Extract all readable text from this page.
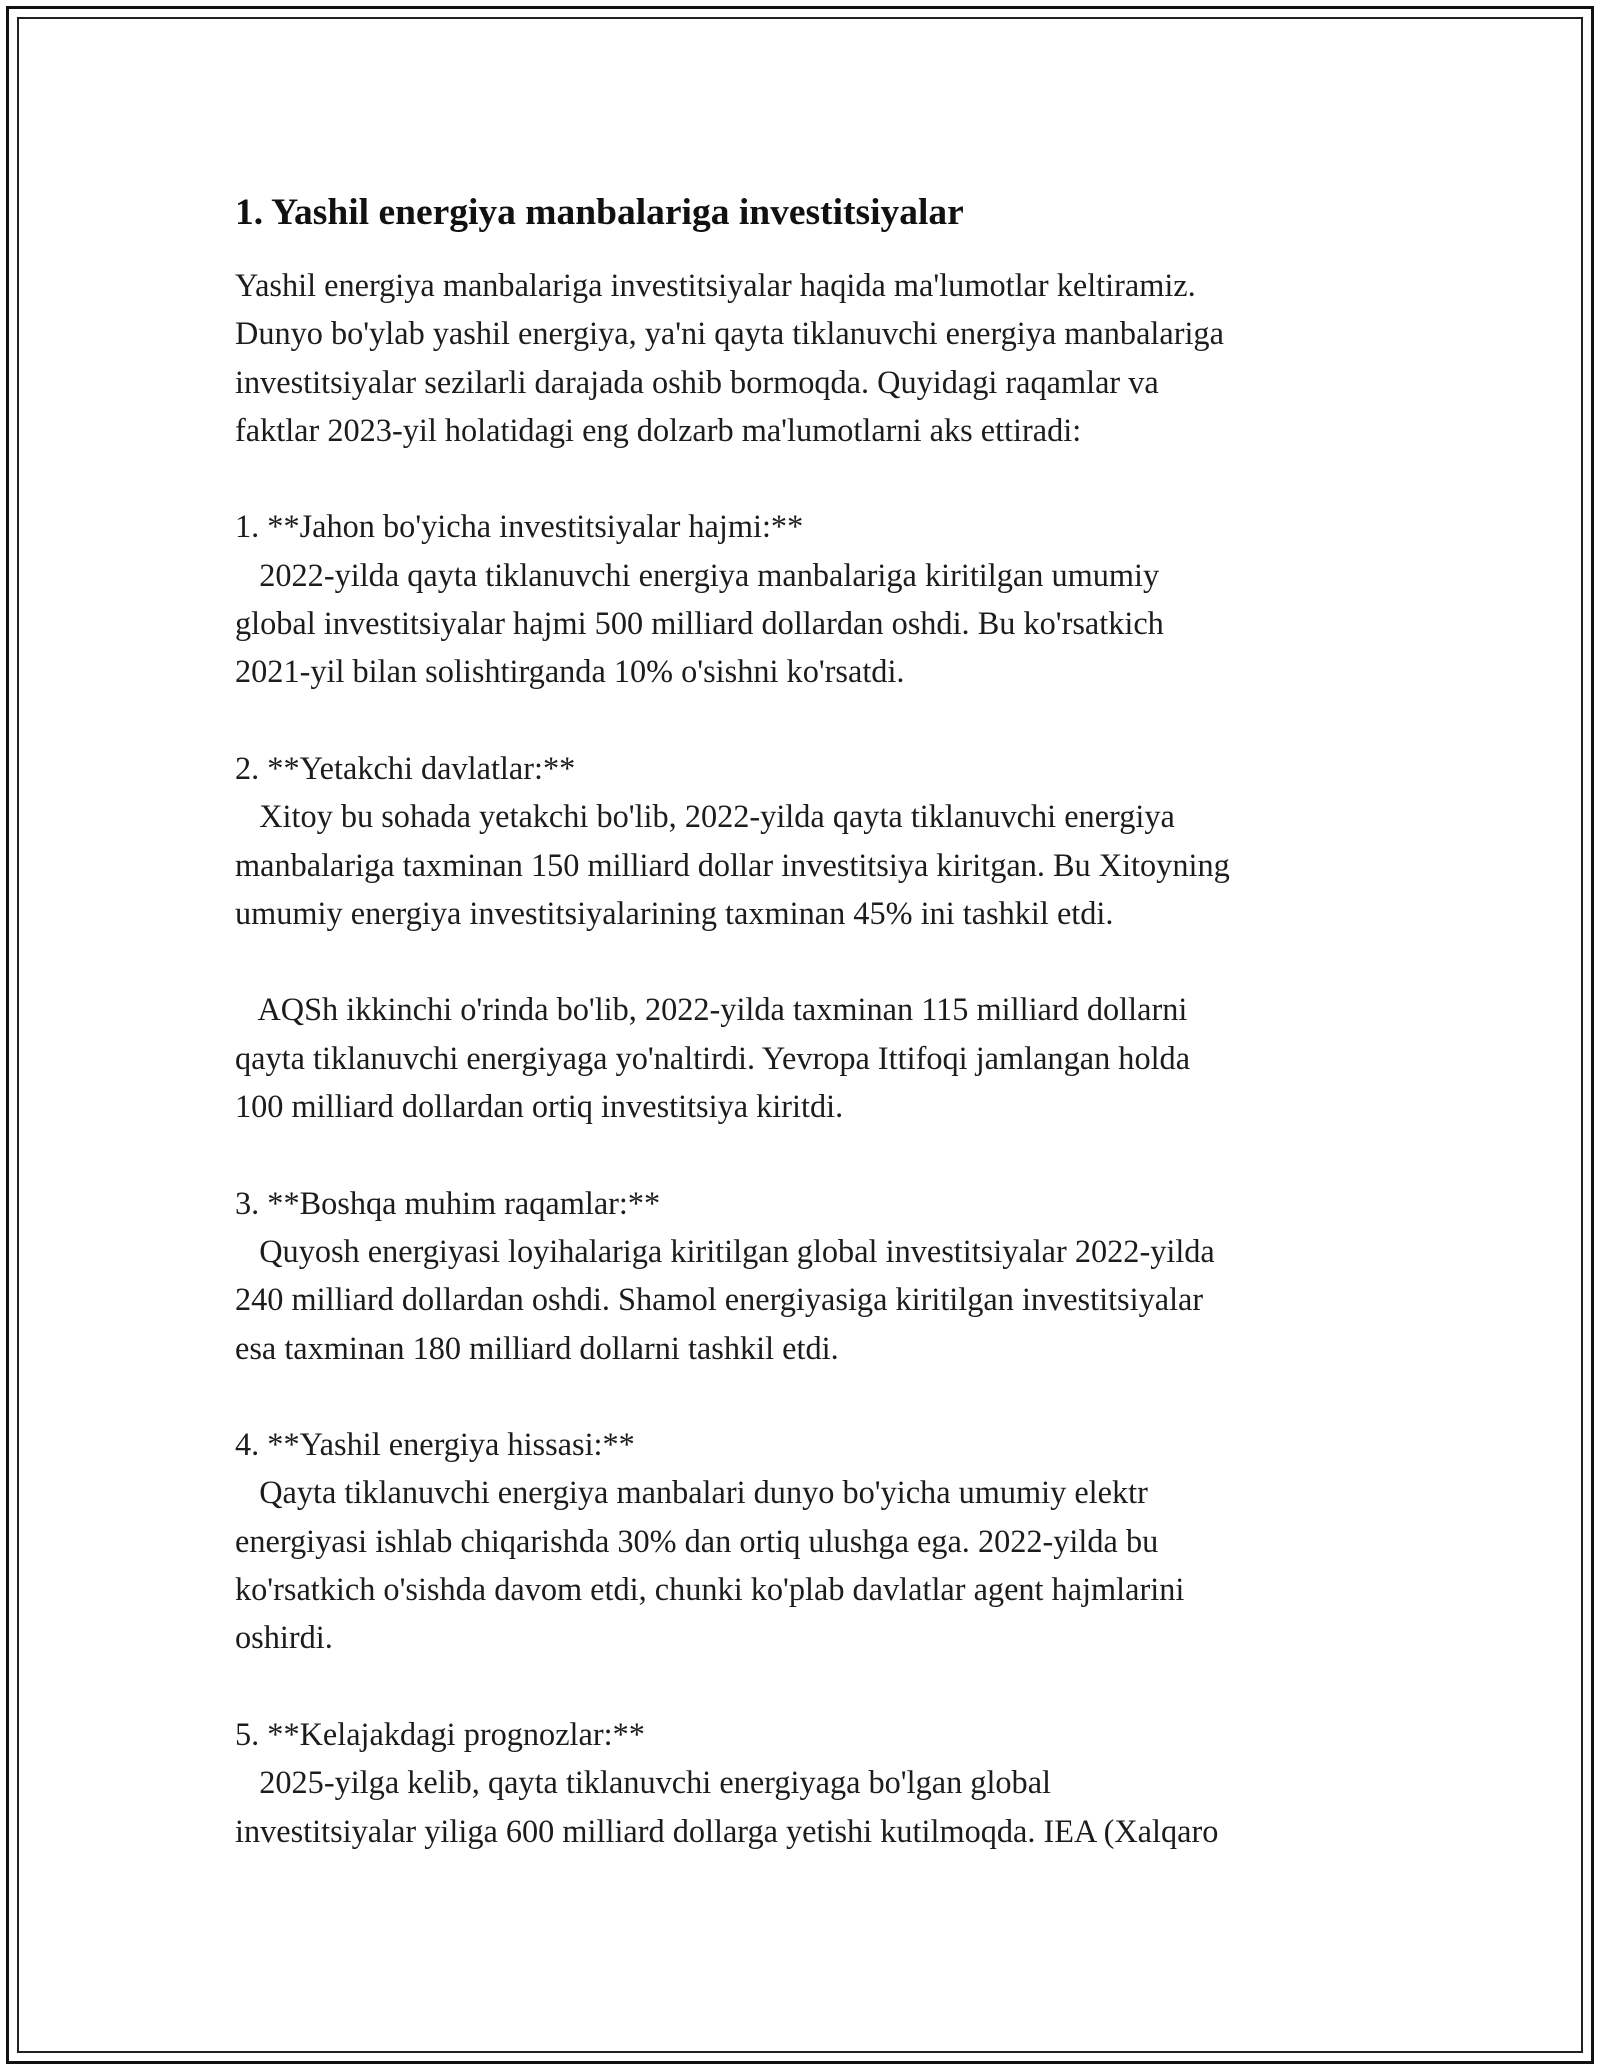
1. Yashil energiya manbalariga investitsiyalar

Yashil energiya manbalariga investitsiyalar haqida ma'lumotlar keltiramiz.
Dunyo bo'ylab yashil energiya, ya'ni qayta tiklanuvchi energiya manbalariga
investitsiyalar sezilarli darajada oshib bormoqda. Quyidagi raqamlar va
faktlar 2023-yil holatidagi eng dolzarb ma'lumotlarni aks ettiradi:

1. **Jahon bo'yicha investitsiyalar hajmi:**
2022-yilda qayta tiklanuvchi energiya manbalariga kiritilgan umumiy
global investitsiyalar hajmi 500 milliard dollardan oshdi. Bu ko'rsatkich
2021-yil bilan solishtirganda 10% o'sishni ko'rsatdi.

2. **Yetakchi davlatlar:**
Xitoy bu sohada yetakchi bo'lib, 2022-yilda qayta tiklanuvchi energiya
manbalariga taxminan 150 milliard dollar investitsiya kiritgan. Bu Xitoyning
umumiy energiya investitsiyalarining taxminan 45% ini tashkil etdi.

AQSh ikkinchi o'rinda bo'lib, 2022-yilda taxminan 115 milliard dollarni
qayta tiklanuvchi energiyaga yo'naltirdi. Yevropa Ittifoqi jamlangan holda
100 milliard dollardan ortiq investitsiya kiritdi.

3. **Boshqa muhim raqamlar:**
Quyosh energiyasi loyihalariga kiritilgan global investitsiyalar 2022-yilda
240 milliard dollardan oshdi. Shamol energiyasiga kiritilgan investitsiyalar
esa taxminan 180 milliard dollarni tashkil etdi.

4. **Yashil energiya hissasi:**
Qayta tiklanuvchi energiya manbalari dunyo bo'yicha umumiy elektr
energiyasi ishlab chiqarishda 30% dan ortiq ulushga ega. 2022-yilda bu
ko'rsatkich o'sishda davom etdi, chunki ko'plab davlatlar agent hajmlarini
oshirdi.

5. **Kelajakdagi prognozlar:**
2025-yilga kelib, qayta tiklanuvchi energiyaga bo'lgan global
investitsiyalar yiliga 600 milliard dollarga yetishi kutilmoqda. IEA (Xalqaro
